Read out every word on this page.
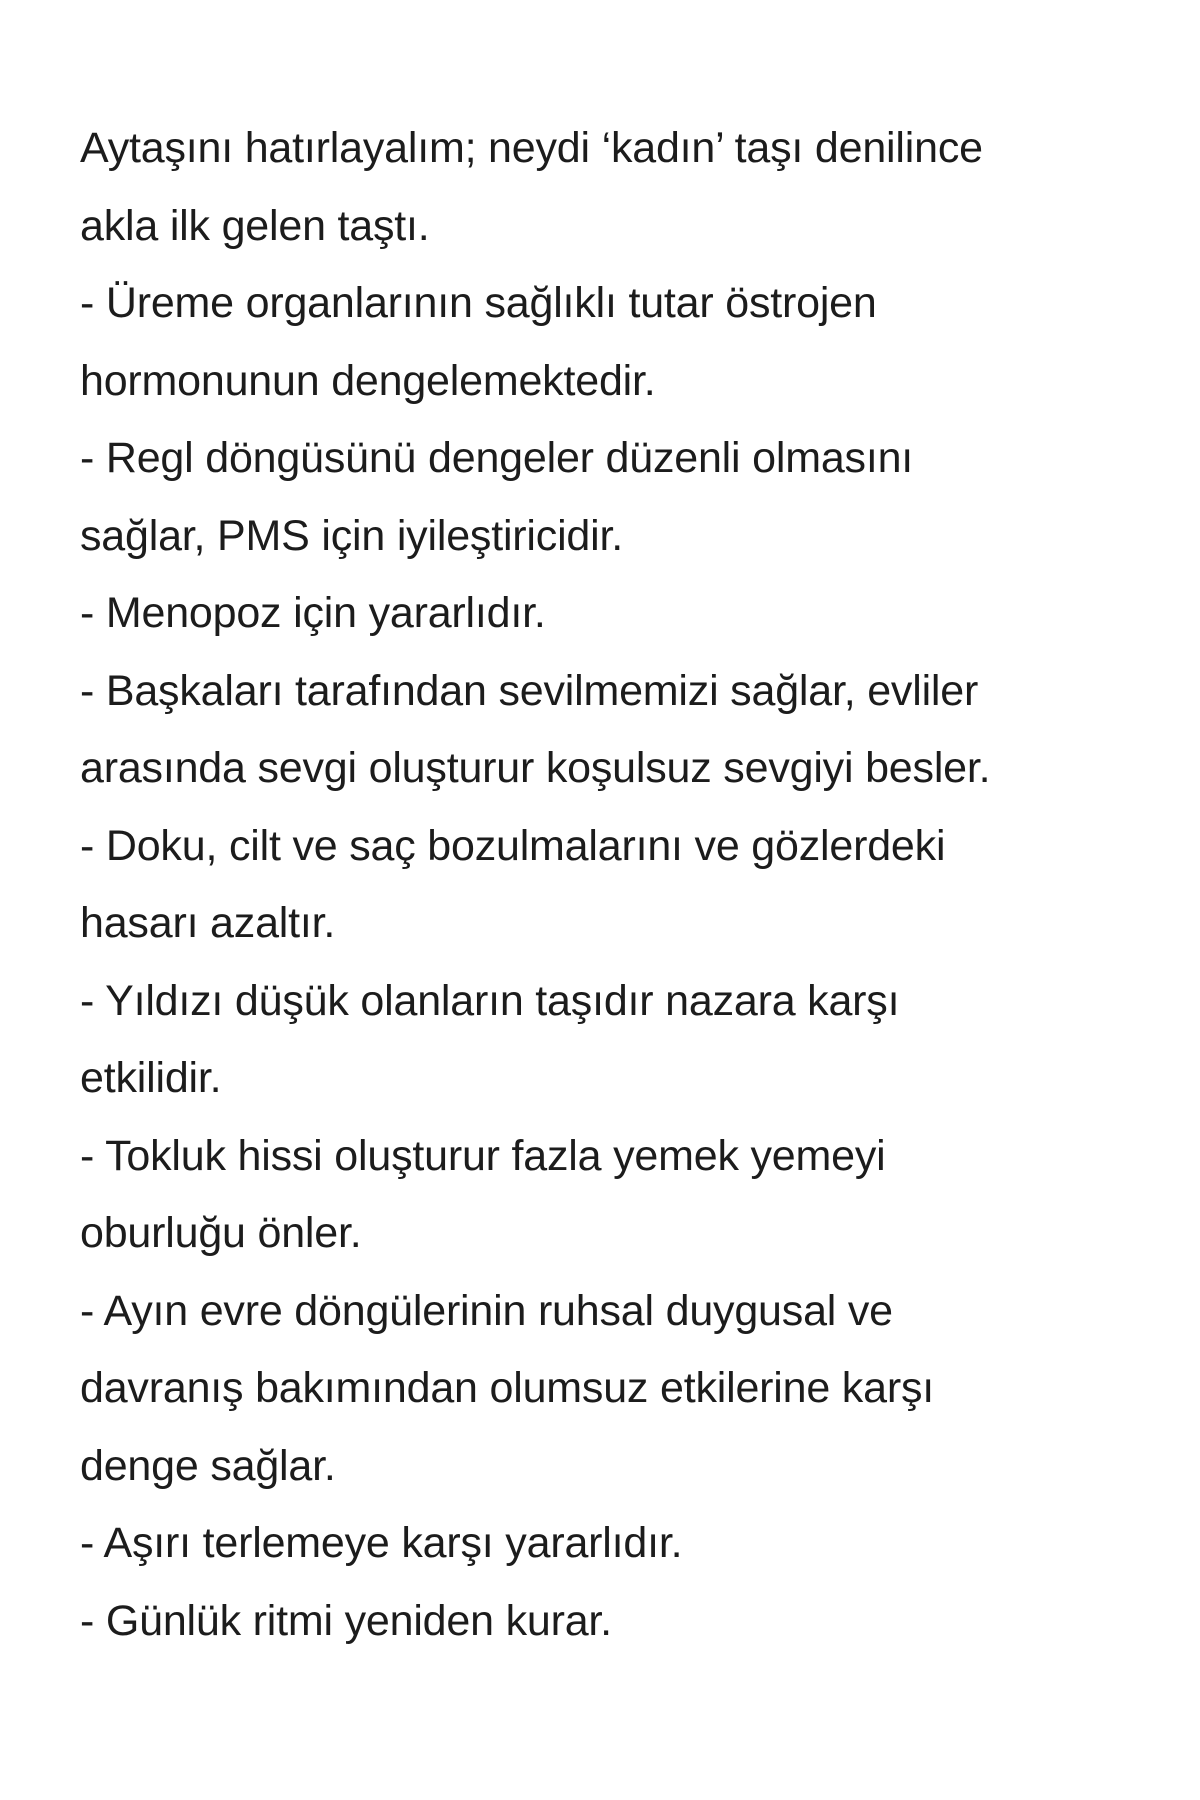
Aytaşını hatırlayalım; neydi ‘kadın’ taşı denilince
akla ilk gelen taştı.
- Üreme organlarının sağlıklı tutar östrojen
hormonunun dengelemektedir.
- Regl döngüsünü dengeler düzenli olmasını
sağlar, PMS için iyileştiricidir.
- Menopoz için yararlıdır.
- Başkaları tarafından sevilmemizi sağlar, evliler
arasında sevgi oluşturur koşulsuz sevgiyi besler.
- Doku, cilt ve saç bozulmalarını ve gözlerdeki
hasarı azaltır.
- Yıldızı düşük olanların taşıdır nazara karşı
etkilidir.
- Tokluk hissi oluşturur fazla yemek yemeyi
oburluğu önler.
- Ayın evre döngülerinin ruhsal duygusal ve
davranış bakımından olumsuz etkilerine karşı
denge sağlar.
- Aşırı terlemeye karşı yararlıdır.
- Günlük ritmi yeniden kurar.
